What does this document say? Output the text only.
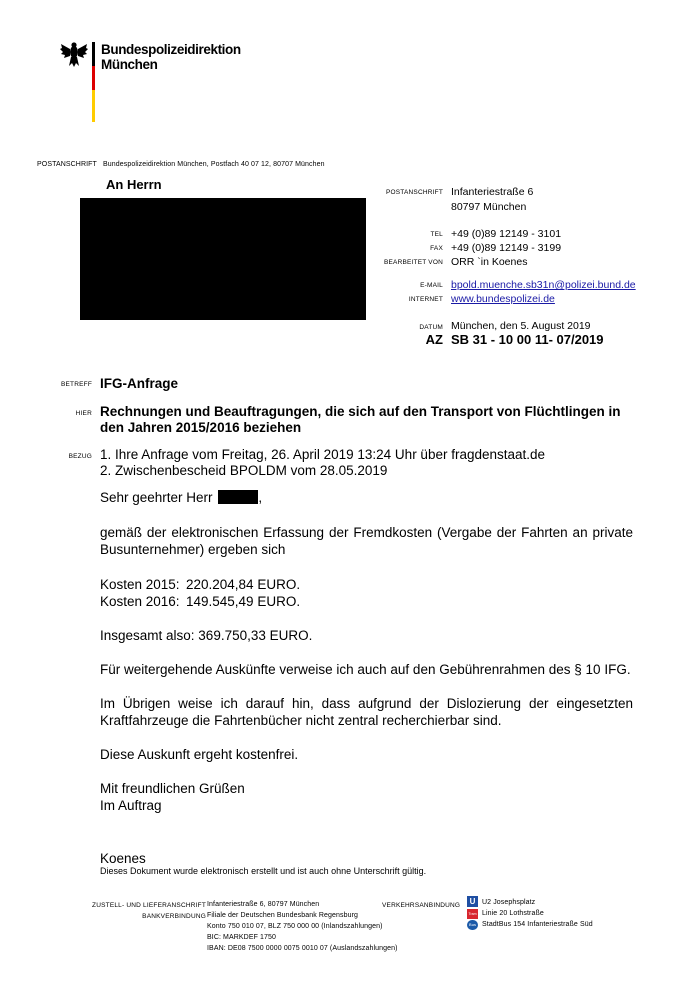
Bundespolizeidirektion
München
POSTANSCHRIFT Bundespolizeidirektion München, Postfach 40 07 12, 80707 München
An Herrn
POSTANSCHRIFT Infanteriestraße 6
80797 München
TEL +49 (0)89 12149 - 3101
FAX +49 (0)89 12149 - 3199
BEARBEITET VON ORR `in Koenes
E-MAIL bpold.muenche.sb31n@polizei.bund.de
INTERNET www.bundespolizei.de
DATUM München, den 5. August 2019
AZ SB 31 - 10 00 11- 07/2019
BETREFF IFG-Anfrage
HIER Rechnungen und Beauftragungen, die sich auf den Transport von Flüchtlingen in den Jahren 2015/2016 beziehen
BEZUG 1. Ihre Anfrage vom Freitag, 26. April 2019 13:24 Uhr über fragdenstaat.de
2. Zwischenbescheid BPOLDM vom 28.05.2019
Sehr geehrter Herr	,
gemäß der elektronischen Erfassung der Fremdkosten (Vergabe der Fahrten an private Busunternehmer) ergeben sich
Kosten 2015: 220.204,84 EURO.
Kosten 2016: 149.545,49 EURO.
Insgesamt also: 369.750,33 EURO.
Für weitergehende Auskünfte verweise ich auch auf den Gebührenrahmen des § 10 IFG.
Im Übrigen weise ich darauf hin, dass aufgrund der Dislozierung der eingesetzten Kraftfahrzeuge die Fahrtenbücher nicht zentral recherchierbar sind.
Diese Auskunft ergeht kostenfrei.
Mit freundlichen Grüßen
Im Auftrag
Koenes
Dieses Dokument wurde elektronisch erstellt und ist auch ohne Unterschrift gültig.
ZUSTELL- UND LIEFERANSCHRIFT Infanteriestraße 6, 80797 München
BANKVERBINDUNG Filiale der Deutschen Bundesbank Regensburg
Konto 750 010 07, BLZ 750 000 00 (Inlandszahlungen)
BIC: MARKDEF 1750
IBAN: DE08 7500 0000 0075 0010 07 (Auslandszahlungen)
VERKEHRSANBINDUNG	U U2 Josephsplatz
Tram Linie 20 Lothstraße
Bus StadtBus 154 Infanteriestraße Süd
